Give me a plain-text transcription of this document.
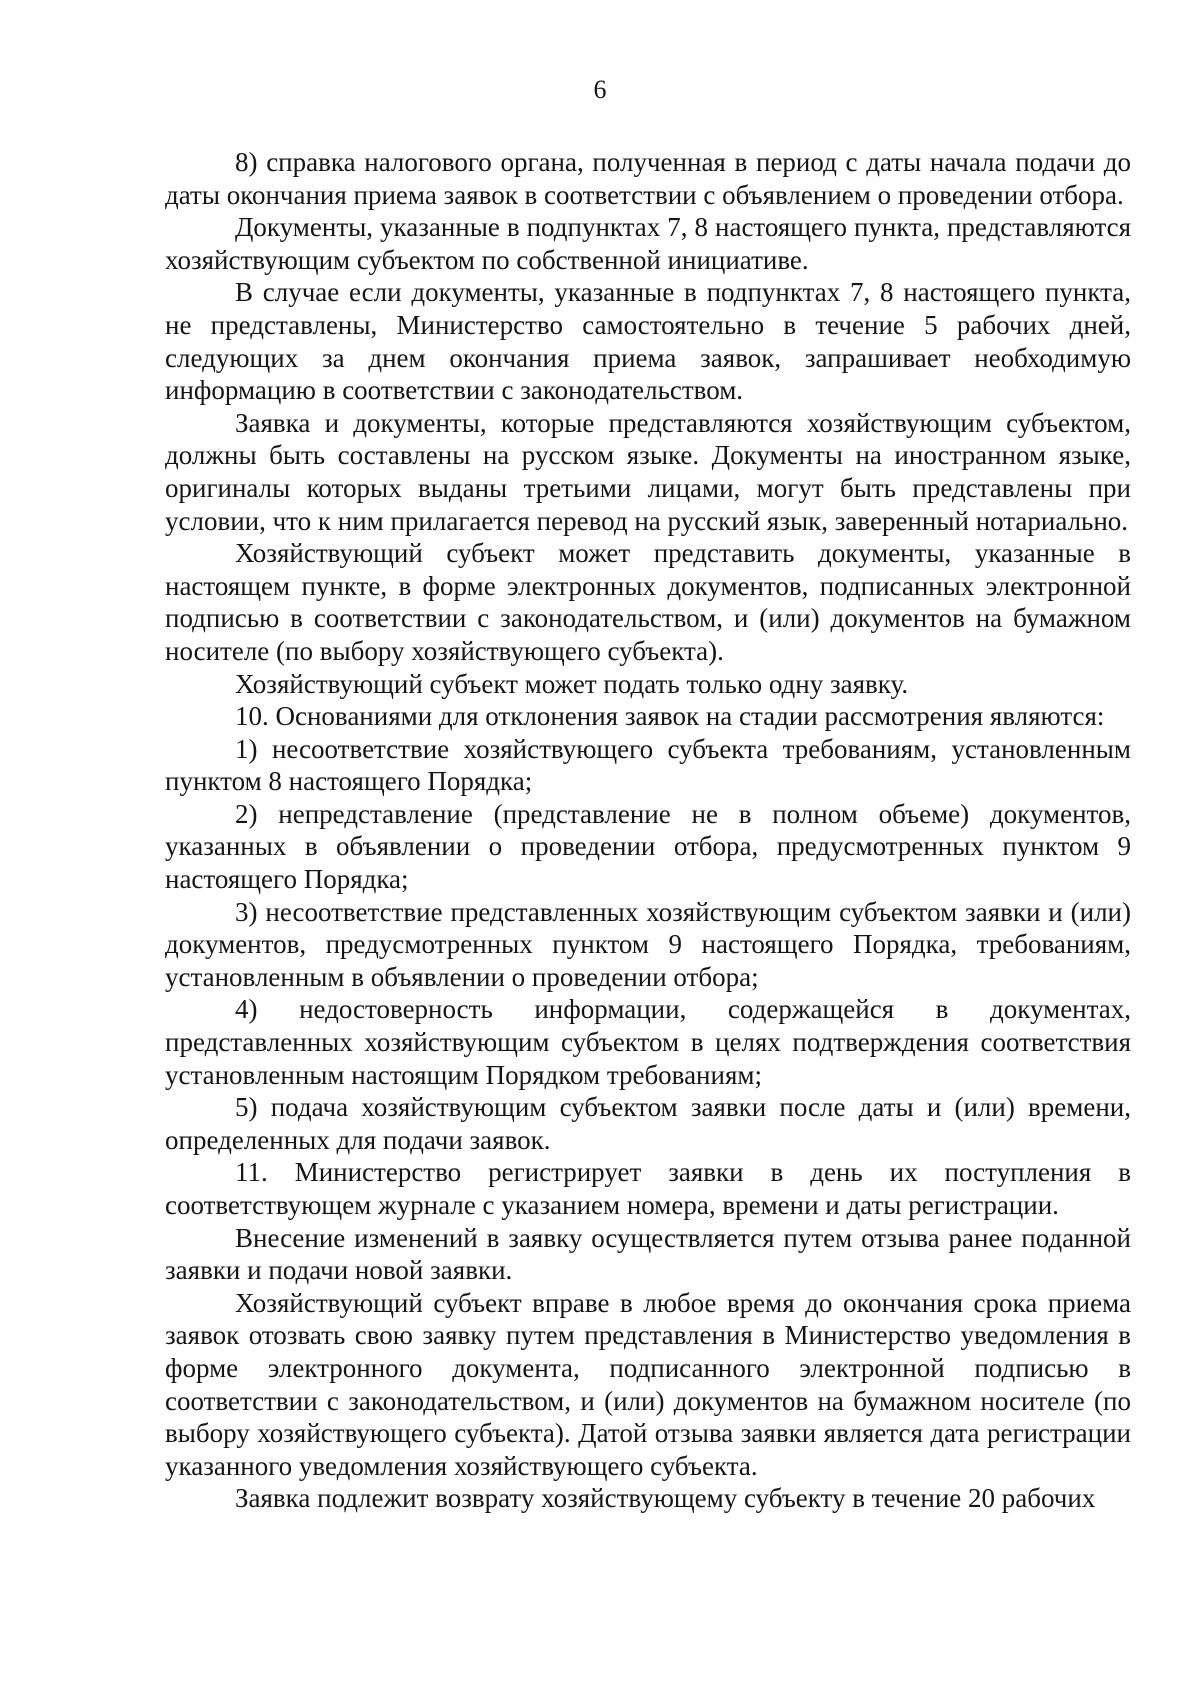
6

8) справка налогового органа, полученная в период с даты начала подачи до даты окончания приема заявок в соответствии с объявлением о проведении отбора.

Документы, указанные в подпунктах 7, 8 настоящего пункта, представляются хозяйствующим субъектом по собственной инициативе.

В случае если документы, указанные в подпунктах 7, 8 настоящего пункта, не представлены, Министерство самостоятельно в течение 5 рабочих дней, следующих за днем окончания приема заявок, запрашивает необходимую информацию в соответствии с законодательством.

Заявка и документы, которые представляются хозяйствующим субъектом, должны быть составлены на русском языке. Документы на иностранном языке, оригиналы которых выданы третьими лицами, могут быть представлены при условии, что к ним прилагается перевод на русский язык, заверенный нотариально.

Хозяйствующий субъект может представить документы, указанные в настоящем пункте, в форме электронных документов, подписанных электронной подписью в соответствии с законодательством, и (или) документов на бумажном носителе (по выбору хозяйствующего субъекта).

Хозяйствующий субъект может подать только одну заявку.

10. Основаниями для отклонения заявок на стадии рассмотрения являются:

1) несоответствие хозяйствующего субъекта требованиям, установленным пунктом 8 настоящего Порядка;

2) непредставление (представление не в полном объеме) документов, указанных в объявлении о проведении отбора, предусмотренных пунктом 9 настоящего Порядка;

3) несоответствие представленных хозяйствующим субъектом заявки и (или) документов, предусмотренных пунктом 9 настоящего Порядка, требованиям, установленным в объявлении о проведении отбора;

4) недостоверность информации, содержащейся в документах, представленных хозяйствующим субъектом в целях подтверждения соответствия установленным настоящим Порядком требованиям;

5) подача хозяйствующим субъектом заявки после даты и (или) времени, определенных для подачи заявок.

11. Министерство регистрирует заявки в день их поступления в соответствующем журнале с указанием номера, времени и даты регистрации.

Внесение изменений в заявку осуществляется путем отзыва ранее поданной заявки и подачи новой заявки.

Хозяйствующий субъект вправе в любое время до окончания срока приема заявок отозвать свою заявку путем представления в Министерство уведомления в форме электронного документа, подписанного электронной подписью в соответствии с законодательством, и (или) документов на бумажном носителе (по выбору хозяйствующего субъекта). Датой отзыва заявки является дата регистрации указанного уведомления хозяйствующего субъекта.

Заявка подлежит возврату хозяйствующему субъекту в течение 20 рабочих
